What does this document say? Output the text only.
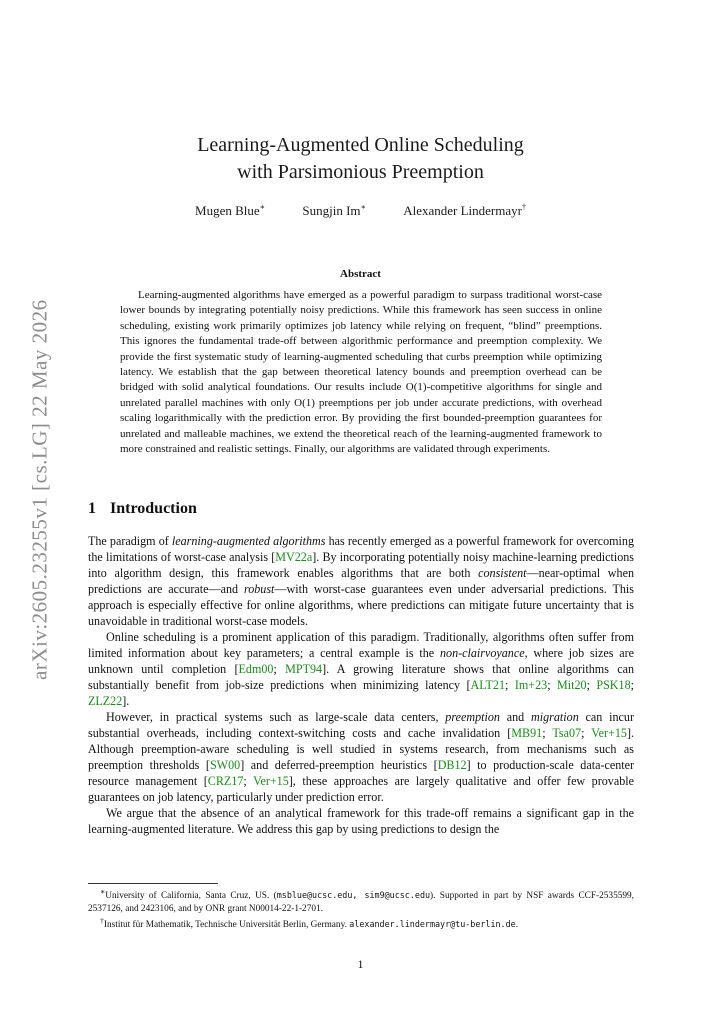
arXiv:2605.23255v1 [cs.LG] 22 May 2026
Learning-Augmented Online Scheduling
with Parsimonious Preemption
Mugen Blue∗	Sungjin Im∗	Alexander Lindermayr†
Abstract

Learning-augmented algorithms have emerged as a powerful paradigm to surpass traditional worst-case lower bounds by integrating potentially noisy predictions. While this framework has seen success in online scheduling, existing work primarily optimizes job latency while relying on frequent, “blind” preemptions. This ignores the fundamental trade-off between algorithmic performance and preemption complexity. We provide the first systematic study of learning-augmented scheduling that curbs preemption while optimizing latency. We establish that the gap between theoretical latency bounds and preemption overhead can be bridged with solid analytical foundations. Our results include O(1)-competitive algorithms for single and unrelated parallel machines with only O(1) preemptions per job under accurate predictions, with overhead scaling logarithmically with the prediction error. By providing the first bounded-preemption guarantees for unrelated and malleable machines, we extend the theoretical reach of the learning-augmented framework to more constrained and realistic settings. Finally, our algorithms are validated through experiments.

1 Introduction

The paradigm of learning-augmented algorithms has recently emerged as a powerful framework for overcoming the limitations of worst-case analysis [MV22a]. By incorporating potentially noisy machine-learning predictions into algorithm design, this framework enables algorithms that are both consistent—near-optimal when predictions are accurate—and robust—with worst-case guarantees even under adversarial predictions. This approach is especially effective for online algorithms, where predictions can mitigate future uncertainty that is unavoidable in traditional worst-case models.

Online scheduling is a prominent application of this paradigm. Traditionally, algorithms often suffer from limited information about key parameters; a central example is the non-clairvoyance, where job sizes are unknown until completion [Edm00; MPT94]. A growing literature shows that online algorithms can substantially benefit from job-size predictions when minimizing latency [ALT21; Im+23; Mit20; PSK18; ZLZ22].

However, in practical systems such as large-scale data centers, preemption and migration can incur substantial overheads, including context-switching costs and cache invalidation [MB91; Tsa07; Ver+15]. Although preemption-aware scheduling is well studied in systems research, from mechanisms such as preemption thresholds [SW00] and deferred-preemption heuristics [DB12] to production-scale data-center resource management [CRZ17; Ver+15], these approaches are largely qualitative and offer few provable guarantees on job latency, particularly under prediction error.

We argue that the absence of an analytical framework for this trade-off remains a significant gap in the learning-augmented literature. We address this gap by using predictions to design the

∗University of California, Santa Cruz, US. (msblue@ucsc.edu, sim9@ucsc.edu). Supported in part by NSF awards CCF-2535599, 2537126, and 2423106, and by ONR grant N00014-22-1-2701.

†Institut für Mathematik, Technische Universität Berlin, Germany. alexander.lindermayr@tu-berlin.de.

1
